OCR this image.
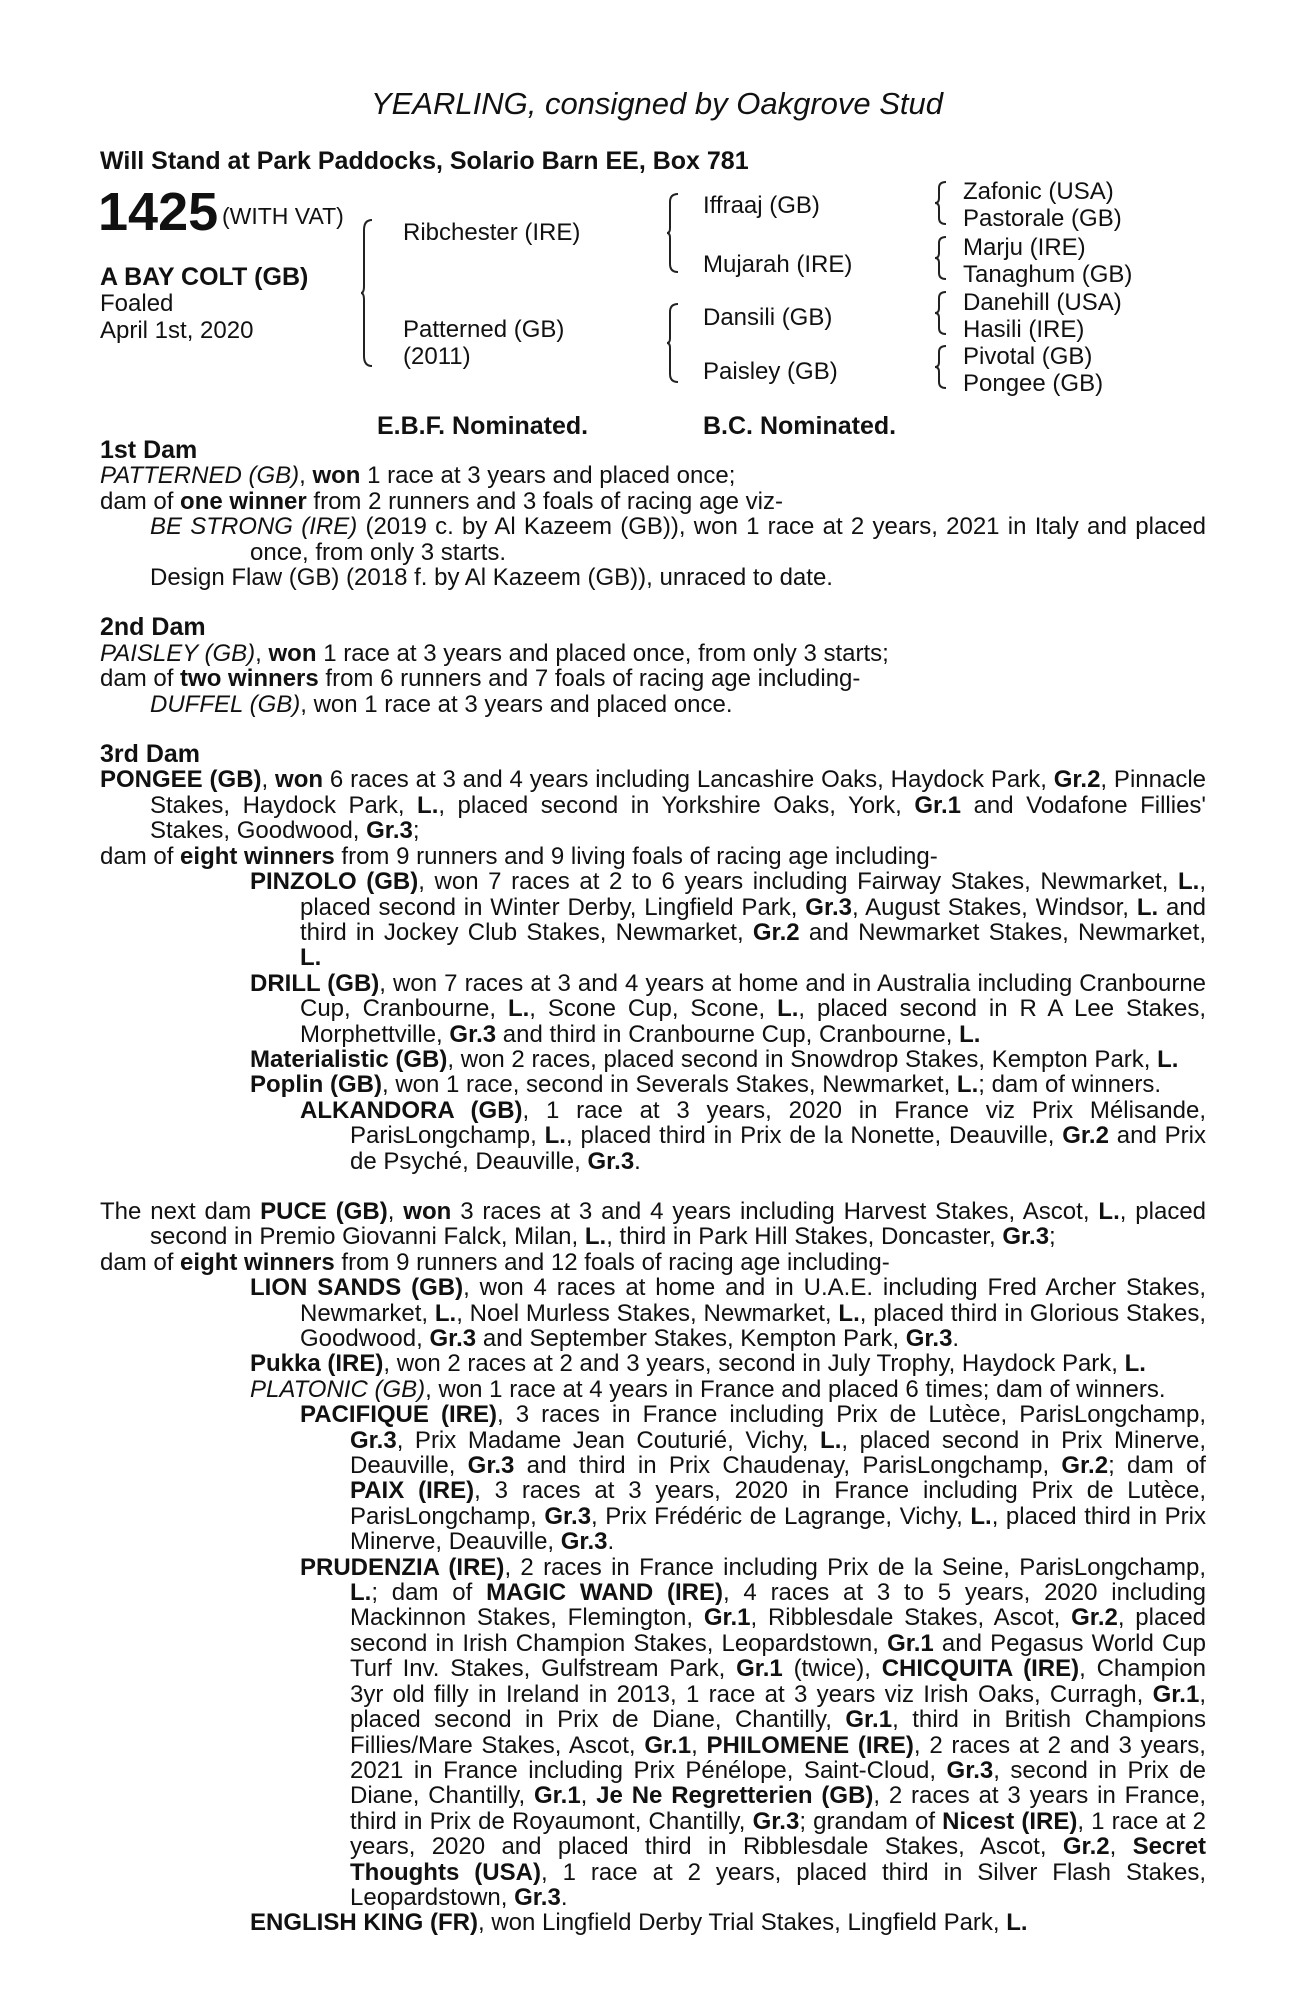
YEARLING, consigned by Oakgrove Stud
Will Stand at Park Paddocks, Solario Barn EE, Box 781
1425 (WITH VAT)
A BAY COLT (GB)
Foaled
April 1st, 2020
Ribchester (IRE)
Patterned (GB)
(2011)
Iffraaj (GB)
Mujarah (IRE)
Dansili (GB)
Paisley (GB)
Zafonic (USA)
Pastorale (GB)
Marju (IRE)
Tanaghum (GB)
Danehill (USA)
Hasili (IRE)
Pivotal (GB)
Pongee (GB)
E.B.F. Nominated.	B.C. Nominated.

1st Dam

PATTERNED (GB), won 1 race at 3 years and placed once;

dam of one winner from 2 runners and 3 foals of racing age viz-

BE STRONG (IRE) (2019 c. by Al Kazeem (GB)), won 1 race at 2 years, 2021 in Italy and placed once, from only 3 starts.

Design Flaw (GB) (2018 f. by Al Kazeem (GB)), unraced to date.

2nd Dam

PAISLEY (GB), won 1 race at 3 years and placed once, from only 3 starts;

dam of two winners from 6 runners and 7 foals of racing age including-

DUFFEL (GB), won 1 race at 3 years and placed once.

3rd Dam

PONGEE (GB), won 6 races at 3 and 4 years including Lancashire Oaks, Haydock Park, Gr.2, Pinnacle Stakes, Haydock Park, L., placed second in Yorkshire Oaks, York, Gr.1 and Vodafone Fillies' Stakes, Goodwood, Gr.3;

dam of eight winners from 9 runners and 9 living foals of racing age including-

PINZOLO (GB), won 7 races at 2 to 6 years including Fairway Stakes, Newmarket, L., placed second in Winter Derby, Lingfield Park, Gr.3, August Stakes, Windsor, L. and third in Jockey Club Stakes, Newmarket, Gr.2 and Newmarket Stakes, Newmarket, L.

DRILL (GB), won 7 races at 3 and 4 years at home and in Australia including Cranbourne Cup, Cranbourne, L., Scone Cup, Scone, L., placed second in R A Lee Stakes, Morphettville, Gr.3 and third in Cranbourne Cup, Cranbourne, L.

Materialistic (GB), won 2 races, placed second in Snowdrop Stakes, Kempton Park, L.

Poplin (GB), won 1 race, second in Severals Stakes, Newmarket, L.; dam of winners.

ALKANDORA (GB), 1 race at 3 years, 2020 in France viz Prix Mélisande, ParisLongchamp, L., placed third in Prix de la Nonette, Deauville, Gr.2 and Prix de Psyché, Deauville, Gr.3.

The next dam PUCE (GB), won 3 races at 3 and 4 years including Harvest Stakes, Ascot, L., placed second in Premio Giovanni Falck, Milan, L., third in Park Hill Stakes, Doncaster, Gr.3;

dam of eight winners from 9 runners and 12 foals of racing age including-

LION SANDS (GB), won 4 races at home and in U.A.E. including Fred Archer Stakes, Newmarket, L., Noel Murless Stakes, Newmarket, L., placed third in Glorious Stakes, Goodwood, Gr.3 and September Stakes, Kempton Park, Gr.3.

Pukka (IRE), won 2 races at 2 and 3 years, second in July Trophy, Haydock Park, L.

PLATONIC (GB), won 1 race at 4 years in France and placed 6 times; dam of winners.

PACIFIQUE (IRE), 3 races in France including Prix de Lutèce, ParisLongchamp, Gr.3, Prix Madame Jean Couturié, Vichy, L., placed second in Prix Minerve, Deauville, Gr.3 and third in Prix Chaudenay, ParisLongchamp, Gr.2; dam of PAIX (IRE), 3 races at 3 years, 2020 in France including Prix de Lutèce, ParisLongchamp, Gr.3, Prix Frédéric de Lagrange, Vichy, L., placed third in Prix Minerve, Deauville, Gr.3.

PRUDENZIA (IRE), 2 races in France including Prix de la Seine, ParisLongchamp, L.; dam of MAGIC WAND (IRE), 4 races at 3 to 5 years, 2020 including Mackinnon Stakes, Flemington, Gr.1, Ribblesdale Stakes, Ascot, Gr.2, placed second in Irish Champion Stakes, Leopardstown, Gr.1 and Pegasus World Cup Turf Inv. Stakes, Gulfstream Park, Gr.1 (twice), CHICQUITA (IRE), Champion 3yr old filly in Ireland in 2013, 1 race at 3 years viz Irish Oaks, Curragh, Gr.1, placed second in Prix de Diane, Chantilly, Gr.1, third in British Champions Fillies/Mare Stakes, Ascot, Gr.1, PHILOMENE (IRE), 2 races at 2 and 3 years, 2021 in France including Prix Pénélope, Saint-Cloud, Gr.3, second in Prix de Diane, Chantilly, Gr.1, Je Ne Regretterien (GB), 2 races at 3 years in France, third in Prix de Royaumont, Chantilly, Gr.3; grandam of Nicest (IRE), 1 race at 2 years, 2020 and placed third in Ribblesdale Stakes, Ascot, Gr.2, Secret Thoughts (USA), 1 race at 2 years, placed third in Silver Flash Stakes, Leopardstown, Gr.3.

ENGLISH KING (FR), won Lingfield Derby Trial Stakes, Lingfield Park, L.
